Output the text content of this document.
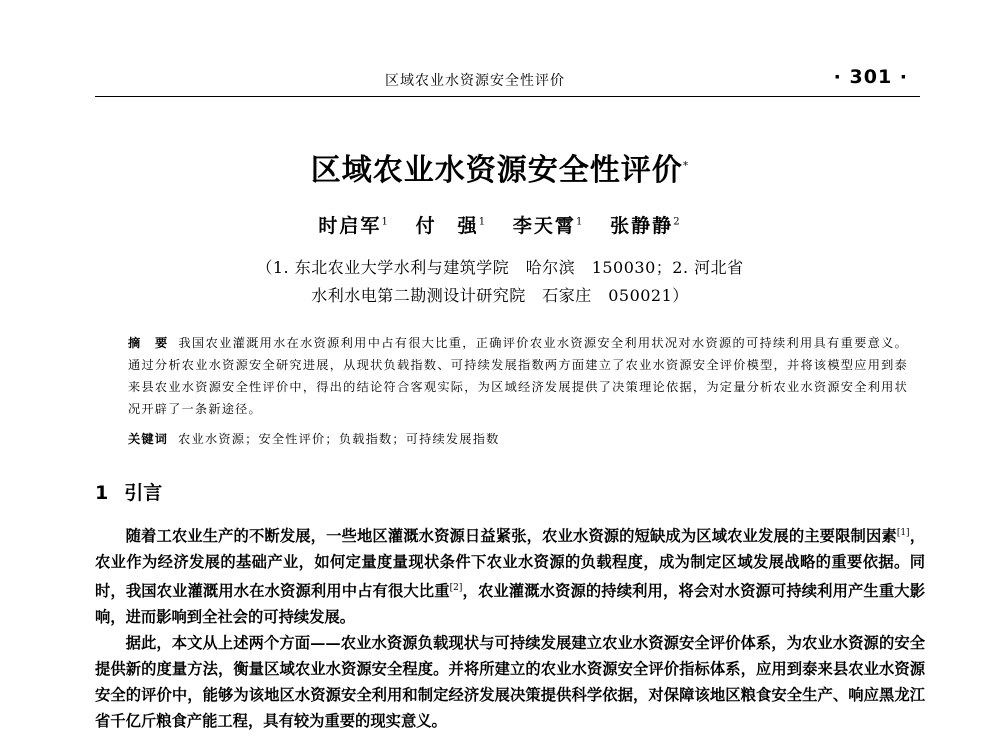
区域农业水资源安全性评价	· 301 ·
区域农业水资源安全性评价*
时启军$^1$ 付　强$^1$ 李天霄$^1$ 张静静$^2$
（1. 东北农业大学水利与建筑学院　哈尔滨　150030；2. 河北省
水利水电第二勘测设计研究院　石家庄　050021）
摘　要 我国农业灌溉用水在水资源利用中占有很大比重，正确评价农业水资源安全利用状况对水资源的可持续利用具有重要意义。通过分析农业水资源安全研究进展，从现状负载指数、可持续发展指数两方面建立了农业水资源安全评价模型，并将该模型应用到泰来县农业水资源安全性评价中，得出的结论符合客观实际，为区域经济发展提供了决策理论依据，为定量分析农业水资源安全利用状况开辟了一条新途径。
关键词 农业水资源；安全性评价；负载指数；可持续发展指数
1 引言

随着工农业生产的不断发展，一些地区灌溉水资源日益紧张，农业水资源的短缺成为区域农业发展的主要限制因素[1]，农业作为经济发展的基础产业，如何定量度量现状条件下农业水资源的负载程度，成为制定区域发展战略的重要依据。同时，我国农业灌溉用水在水资源利用中占有很大比重[2]，农业灌溉水资源的持续利用，将会对水资源可持续利用产生重大影响，进而影响到全社会的可持续发展。

据此，本文从上述两个方面——农业水资源负载现状与可持续发展建立农业水资源安全评价体系，为农业水资源的安全提供新的度量方法，衡量区域农业水资源安全程度。并将所建立的农业水资源安全评价指标体系，应用到泰来县农业水资源安全的评价中，能够为该地区水资源安全利用和制定经济发展决策提供科学依据，对保障该地区粮食安全生产、响应黑龙江省千亿斤粮食产能工程，具有较为重要的现实意义。
